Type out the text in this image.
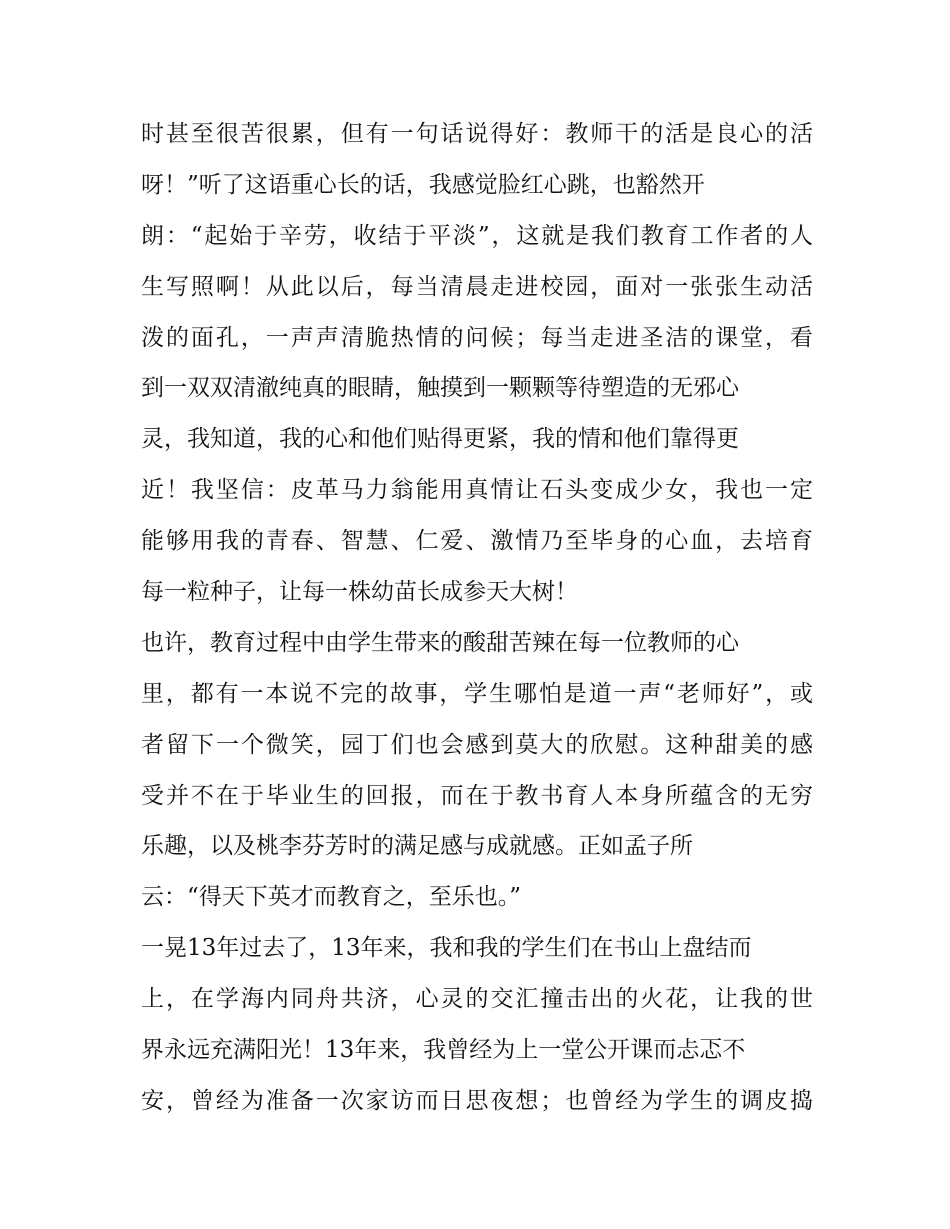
时甚至很苦很累，但有一句话说得好：教师干的活是良心的活
呀！”听了这语重心长的话，我感觉脸红心跳，也豁然开
朗：“起始于辛劳，收结于平淡”，这就是我们教育工作者的人
生写照啊！从此以后，每当清晨走进校园，面对一张张生动活
泼的面孔，一声声清脆热情的问候；每当走进圣洁的课堂，看
到一双双清澈纯真的眼睛，触摸到一颗颗等待塑造的无邪心
灵，我知道，我的心和他们贴得更紧，我的情和他们靠得更
近！我坚信：皮革马力翁能用真情让石头变成少女，我也一定
能够用我的青春、智慧、仁爱、激情乃至毕身的心血，去培育
每一粒种子，让每一株幼苗长成参天大树！
也许，教育过程中由学生带来的酸甜苦辣在每一位教师的心
里，都有一本说不完的故事，学生哪怕是道一声“老师好”，或
者留下一个微笑，园丁们也会感到莫大的欣慰。这种甜美的感
受并不在于毕业生的回报，而在于教书育人本身所蕴含的无穷
乐趣，以及桃李芬芳时的满足感与成就感。正如孟子所
云：“得天下英才而教育之，至乐也。”
一晃13年过去了，13年来，我和我的学生们在书山上盘结而
上，在学海内同舟共济，心灵的交汇撞击出的火花，让我的世
界永远充满阳光！13年来，我曾经为上一堂公开课而忐忑不
安，曾经为准备一次家访而日思夜想；也曾经为学生的调皮捣
